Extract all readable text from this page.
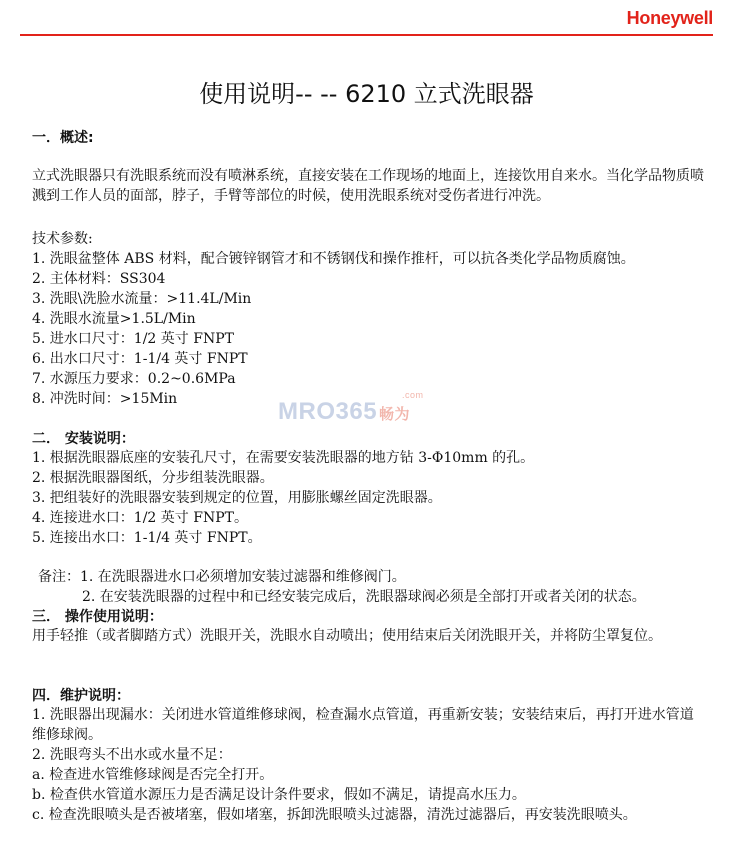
Honeywell
使用说明-- -- 6210 立式洗眼器
一．概述:
立式洗眼器只有洗眼系统而没有喷淋系统，直接安装在工作现场的地面上，连接饮用自来水。当化学品物质喷溅到工作人员的面部，脖子，手臂等部位的时候，使用洗眼系统对受伤者进行冲洗。
技术参数:
1. 洗眼盆整体 ABS 材料，配合镀锌钢管才和不锈钢伐和操作推杆，可以抗各类化学品物质腐蚀。
2. 主体材料：SS304
3. 洗眼\洗脸水流量：>11.4L/Min
4. 洗眼水流量>1.5L/Min
5. 进水口尺寸：1/2 英寸 FNPT
6. 出水口尺寸：1-1/4 英寸 FNPT
7. 水源压力要求：0.2~0.6MPa
8. 冲洗时间：>15Min	MRO365 畅为
.com
二． 安装说明：
1. 根据洗眼器底座的安装孔尺寸，在需要安装洗眼器的地方钻 3-Φ10mm 的孔。
2. 根据洗眼器图纸，分步组装洗眼器。
3. 把组装好的洗眼器安装到规定的位置，用膨胀螺丝固定洗眼器。
4. 连接进水口：1/2 英寸 FNPT。
5. 连接出水口：1-1/4 英寸 FNPT。
备注：1. 在洗眼器进水口必须增加安装过滤器和维修阀门。
2. 在安装洗眼器的过程中和已经安装完成后，洗眼器球阀必须是全部打开或者关闭的状态。
三． 操作使用说明：
用手轻推（或者脚踏方式）洗眼开关，洗眼水自动喷出；使用结束后关闭洗眼开关，并将防尘罩复位。
四．维护说明：
1. 洗眼器出现漏水：关闭进水管道维修球阀，检查漏水点管道，再重新安装；安装结束后，再打开进水管道维修球阀。
2. 洗眼弯头不出水或水量不足：
a. 检查进水管维修球阀是否完全打开。
b. 检查供水管道水源压力是否满足设计条件要求，假如不满足，请提高水压力。
c. 检查洗眼喷头是否被堵塞，假如堵塞，拆卸洗眼喷头过滤器，清洗过滤器后，再安装洗眼喷头。
